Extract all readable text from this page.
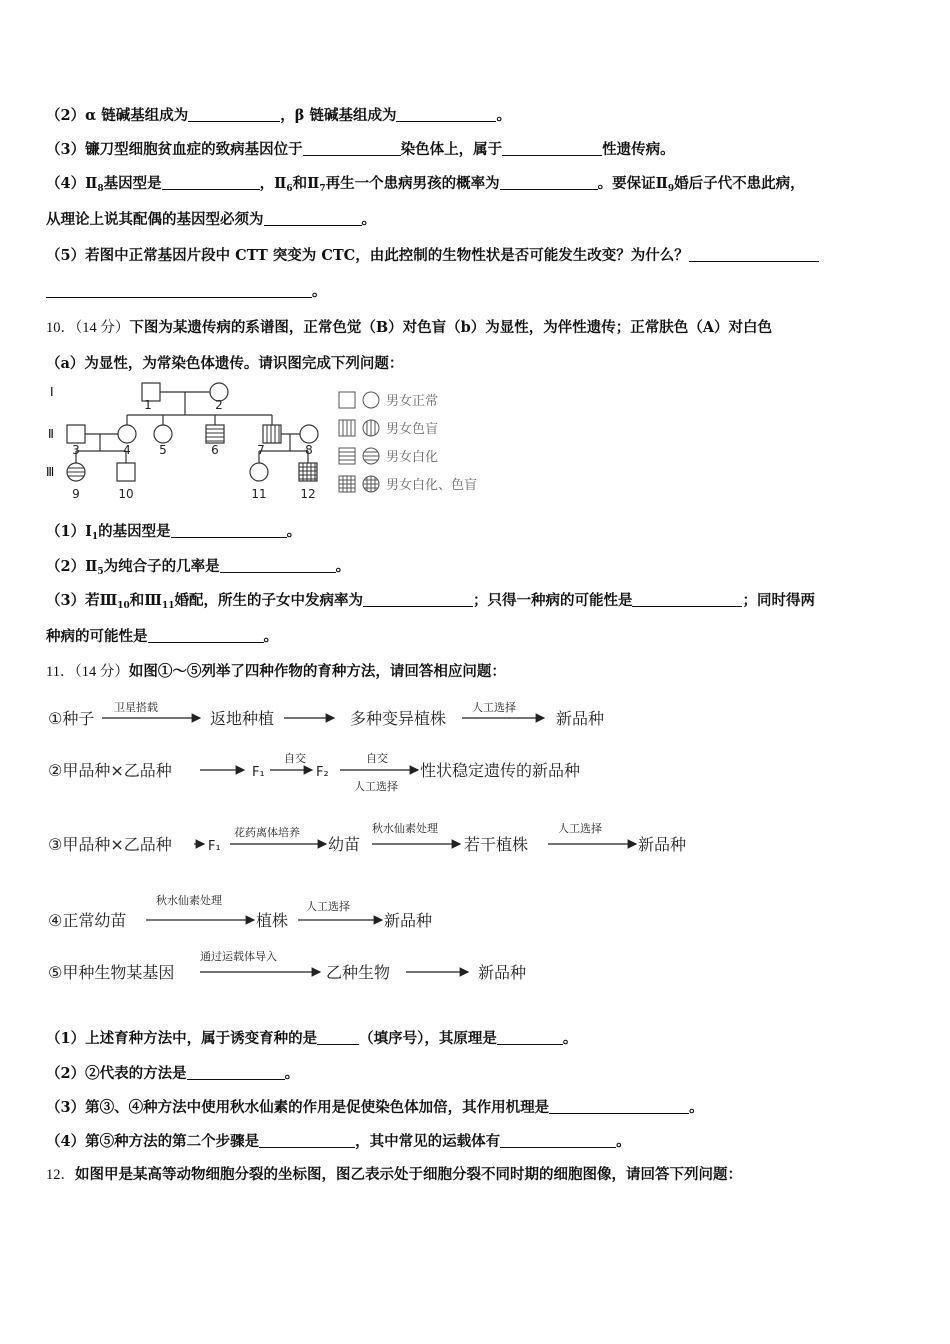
（2）α 链碱基组成为	，β 链碱基组成为	。
（3）镰刀型细胞贫血症的致病基因位于	染色体上，属于	性遗传病。
$(4)Ⅱ_8$基因型是	，$Ⅱ_6$和$Ⅱ_7$再生一个患病男孩的概率为	。要保证$Ⅱ_9$婚后子代不患此病，
从理论上说其配偶的基因型必须为	。
（5）若图中正常基因片段中 CTT 突变为 CTC，由此控制的生物性状是否可能发生改变？为什么？
。
10．（14 分）下图为某遗传病的系谱图，正常色觉（B）对色盲（b）为显性，为伴性遗传；正常肤色（A）对白色
（a）为显性，为常染色体遗传。请识图完成下列问题：
Ⅰ
Ⅱ
Ⅲ
1	2
3	4 5	6	7	8
9	10	11	12
男女正常
男女色盲
男女白化
男女白化、色盲
$(1)Ⅰ_1$的基因型是	。
$(2)Ⅱ_5$为纯合子的几率是	。
（3）若$Ⅲ_{10}$和$Ⅲ_{11}$婚配，所生的子女中发病率为	；只得一种病的可能性是	；同时得两
种病的可能性是	。
11．（14 分）如图①～⑤列举了四种作物的育种方法，请回答相应问题：
①种子	返地种植	多种变异植株	新品种
②甲品种×乙品种	F₁	F₂	性状稳定遗传的新品种
③甲品种×乙品种	F₁	幼苗	若干植株	新品种
④正常幼苗	植株	新品种
⑤甲种生物某基因	乙种生物	新品种
卫星搭载	人工选择
自交	自交
人工选择
花药离体培养	秋水仙素处理	人工选择
秋水仙素处理	人工选择
通过运载体导入
（1）上述育种方法中，属于诱变育种的是	（填序号），其原理是	。
（2）②代表的方法是	。
（3）第③、④种方法中使用秋水仙素的作用是促使染色体加倍，其作用机理是	。
（4）第⑤种方法的第二个步骤是	，其中常见的运载体有	。
12．如图甲是某高等动物细胞分裂的坐标图，图乙表示处于细胞分裂不同时期的细胞图像，请回答下列问题：
